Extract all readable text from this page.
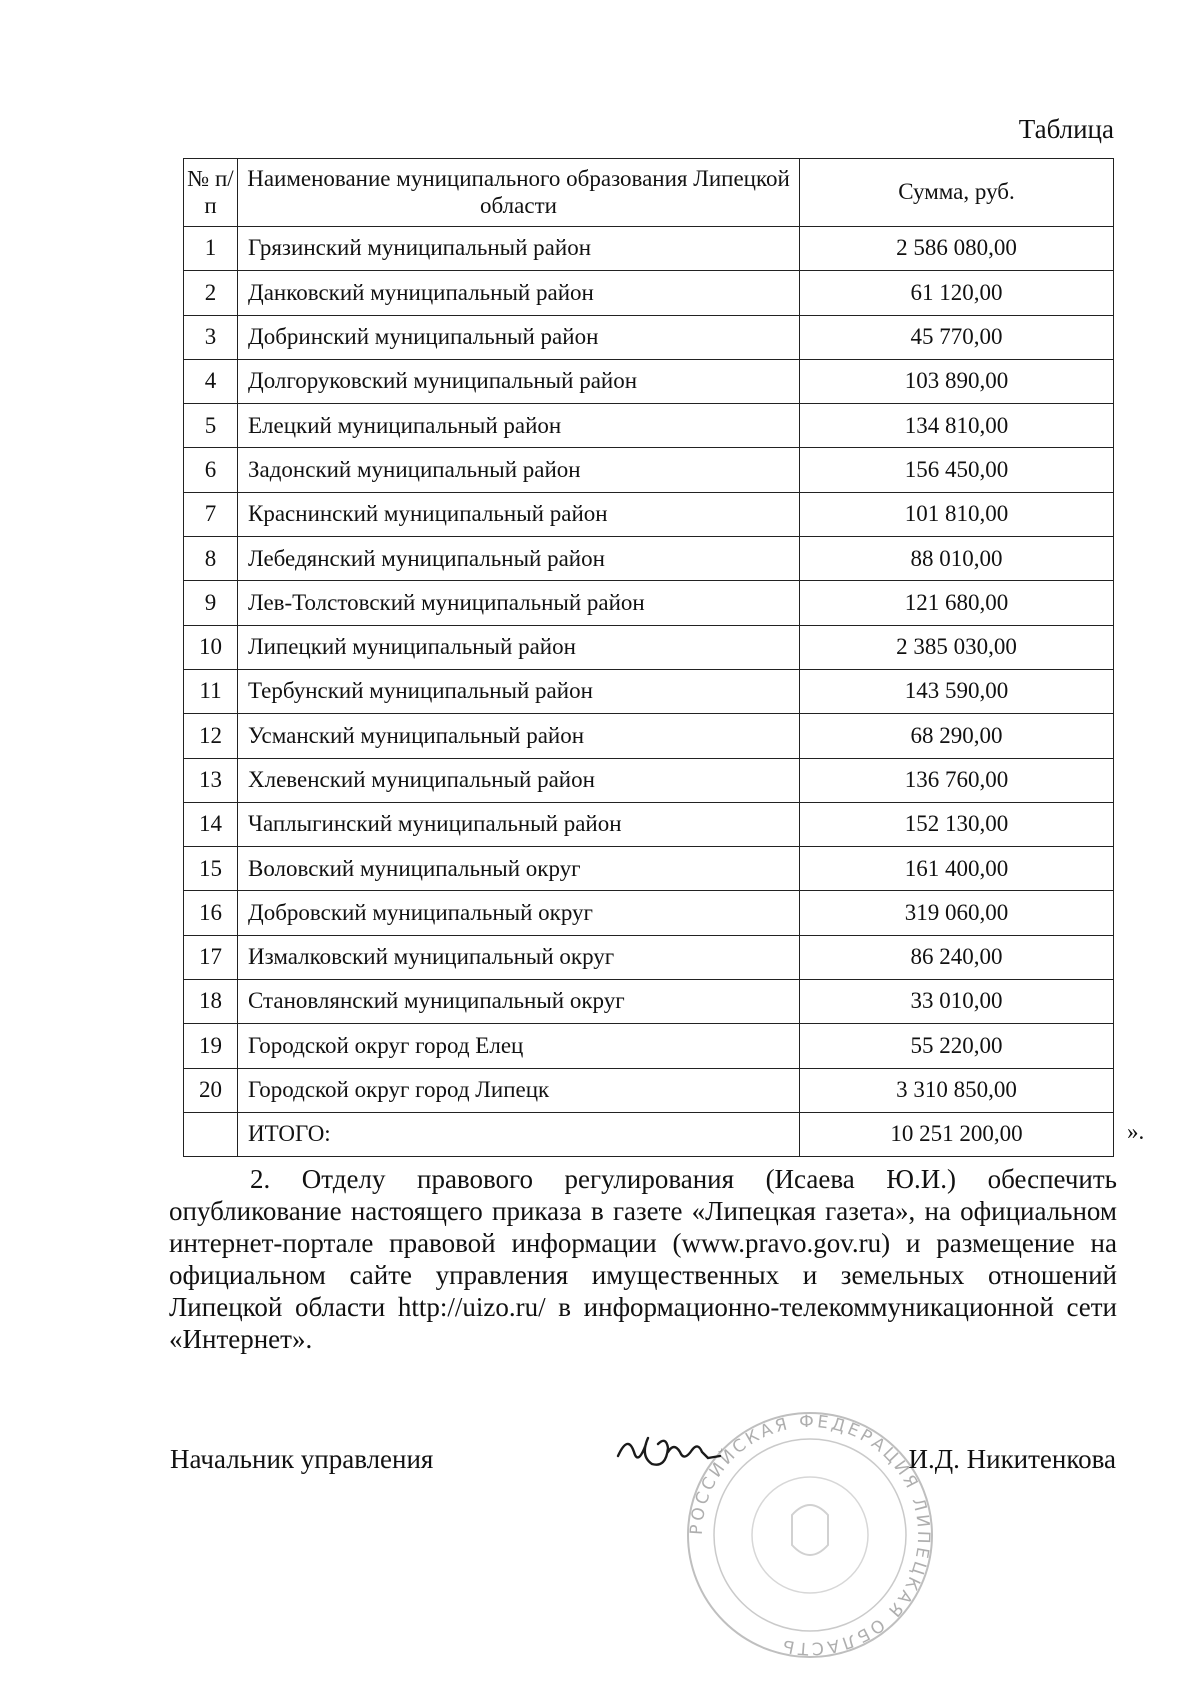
Таблица
№ п/п	Наименование муниципального образования Липецкой области	Сумма, руб.
1	Грязинский муниципальный район	2 586 080,00
2	Данковский муниципальный район	61 120,00
3	Добринский муниципальный район	45 770,00
4	Долгоруковский муниципальный район	103 890,00
5	Елецкий муниципальный район	134 810,00
6	Задонский муниципальный район	156 450,00
7	Краснинский муниципальный район	101 810,00
8	Лебедянский муниципальный район	88 010,00
9	Лев-Толстовский муниципальный район	121 680,00
10	Липецкий муниципальный район	2 385 030,00
11	Тербунский муниципальный район	143 590,00
12	Усманский муниципальный район	68 290,00
13	Хлевенский муниципальный район	136 760,00
14	Чаплыгинский муниципальный район	152 130,00
15	Воловский муниципальный округ	161 400,00
16	Добровский муниципальный округ	319 060,00
17	Измалковский муниципальный округ	86 240,00
18	Становлянский муниципальный округ	33 010,00
19	Городской округ город Елец	55 220,00
20	Городской округ город Липецк	3 310 850,00
	ИТОГО:	10 251 200,00	».

2. Отделу правового регулирования (Исаева Ю.И.) обеспечить опубликование настоящего приказа в газете «Липецкая газета», на официальном интернет-портале правовой информации (www.pravo.gov.ru) и размещение на официальном сайте управления имущественных и земельных отношений Липецкой области http://uizo.ru/ в информационно-телекоммуникационной сети «Интернет».

Начальник управления
РОССИЙСКАЯ ФЕДЕРАЦИЯ ЛИПЕЦКАЯ ОБЛАСТЬ
И.Д. Никитенкова
